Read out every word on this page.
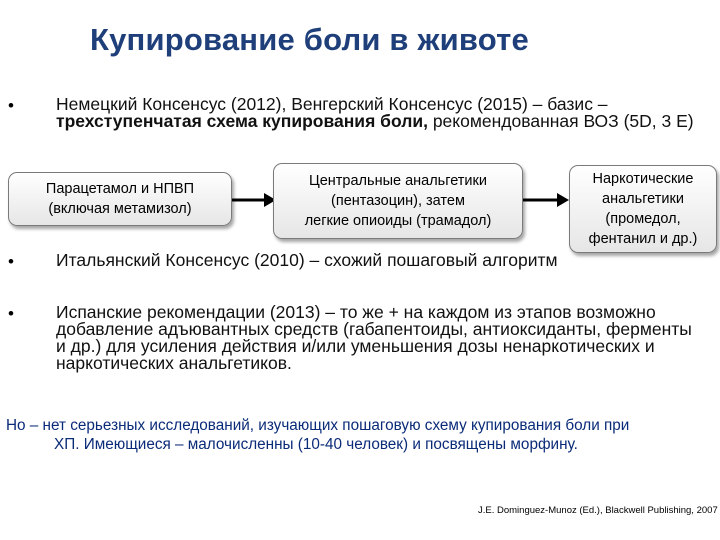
Купирование боли в животе
• Немецкий Консенсус (2012), Венгерский Консенсус (2015) – базис – трехступенчатая схема купирования боли, рекомендованная ВОЗ (5D, 3 E)
Парацетамол и НПВП
(включая метамизол)
Центральные анальгетики
(пентазоцин), затем
легкие опиоиды (трамадол)
Наркотические
анальгетики
(промедол,
фентанил и др.)
• Итальянский Консенсус (2010) – схожий пошаговый алгоритм
• Испанские рекомендации (2013) – то же + на каждом из этапов возможно добавление адъювантных средств (габапентоиды, антиоксиданты, ферменты и др.) для усиления действия и/или уменьшения дозы ненаркотических и наркотических анальгетиков.
Но – нет серьезных исследований, изучающих пошаговую схему купирования боли при
ХП. Имеющиеся – малочисленны (10-40 человек) и посвящены морфину.
J.E. Dominguez-Munoz (Ed.), Blackwell Publishing, 2007
